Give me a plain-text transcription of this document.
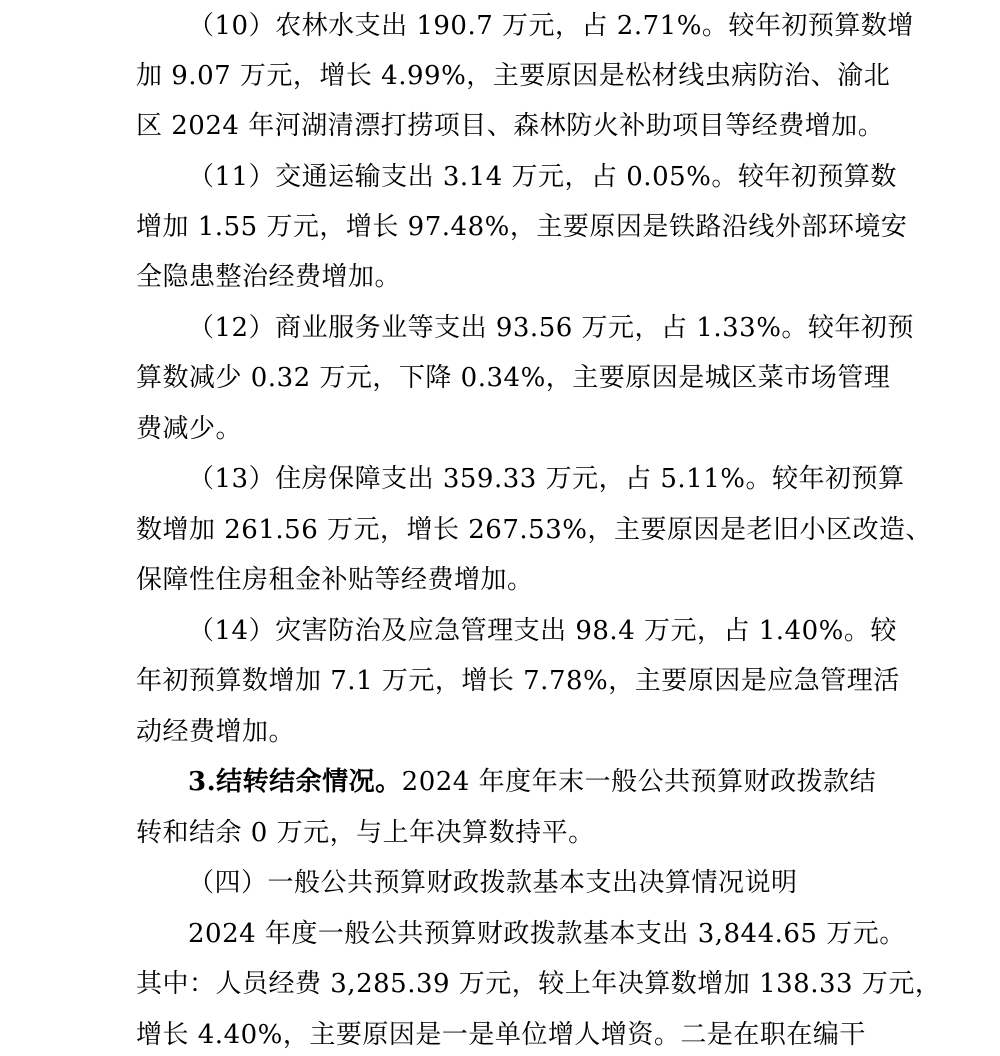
（10）农林水支出 190.7 万元，占 2.71%。较年初预算数增
加 9.07 万元，增长 4.99%，主要原因是松材线虫病防治、渝北
区 2024 年河湖清漂打捞项目、森林防火补助项目等经费增加。
（11）交通运输支出 3.14 万元，占 0.05%。较年初预算数
增加 1.55 万元，增长 97.48%，主要原因是铁路沿线外部环境安
全隐患整治经费增加。
（12）商业服务业等支出 93.56 万元，占 1.33%。较年初预
算数减少 0.32 万元，下降 0.34%，主要原因是城区菜市场管理
费减少。
（13）住房保障支出 359.33 万元，占 5.11%。较年初预算
数增加 261.56 万元，增长 267.53%，主要原因是老旧小区改造、
保障性住房租金补贴等经费增加。
（14）灾害防治及应急管理支出 98.4 万元，占 1.40%。较
年初预算数增加 7.1 万元，增长 7.78%，主要原因是应急管理活
动经费增加。
3.结转结余情况。2024 年度年末一般公共预算财政拨款结
转和结余 0 万元，与上年决算数持平。
（四）一般公共预算财政拨款基本支出决算情况说明
2024 年度一般公共预算财政拨款基本支出 3,844.65 万元。
其中：人员经费 3,285.39 万元，较上年决算数增加 138.33 万元，
增长 4.40%，主要原因是一是单位增人增资。二是在职在编干
